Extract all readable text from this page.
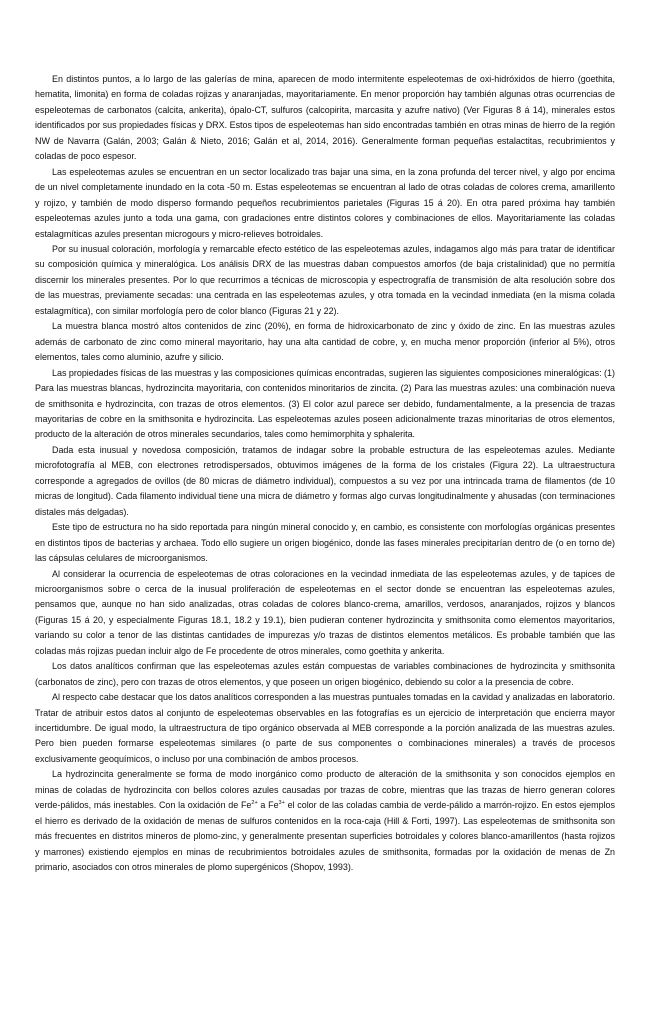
En distintos puntos, a lo largo de las galerías de mina, aparecen de modo intermitente espeleotemas de oxi-hidróxidos de hierro (goethita, hematita, limonita) en forma de coladas rojizas y anaranjadas, mayoritariamente. En menor proporción hay también algunas otras ocurrencias de espeleotemas de carbonatos (calcita, ankerita), ópalo-CT, sulfuros (calcopirita, marcasita y azufre nativo) (Ver Figuras 8 á 14), minerales estos identificados por sus propiedades físicas y DRX. Estos tipos de espeleotemas han sido encontradas también en otras minas de hierro de la región NW de Navarra (Galán, 2003; Galán & Nieto, 2016; Galán et al, 2014, 2016). Generalmente forman pequeñas estalactitas, recubrimientos y coladas de poco espesor.

Las espeleotemas azules se encuentran en un sector localizado tras bajar una sima, en la zona profunda del tercer nivel, y algo por encima de un nivel completamente inundado en la cota -50 m. Estas espeleotemas se encuentran al lado de otras coladas de colores crema, amarillento y rojizo, y también de modo disperso formando pequeños recubrimientos parietales (Figuras 15 á 20). En otra pared próxima hay también espeleotemas azules junto a toda una gama, con gradaciones entre distintos colores y combinaciones de ellos. Mayoritariamente las coladas estalagmíticas azules presentan microgours y micro-relieves botroidales.

Por su inusual coloración, morfología y remarcable efecto estético de las espeleotemas azules, indagamos algo más para tratar de identificar su composición química y mineralógica. Los análisis DRX de las muestras daban compuestos amorfos (de baja cristalinidad) que no permitía discernir los minerales presentes. Por lo que recurrimos a técnicas de microscopia y espectrografía de transmisión de alta resolución sobre dos de las muestras, previamente secadas: una centrada en las espeleotemas azules, y otra tomada en la vecindad inmediata (en la misma colada estalagmítica), con similar morfología pero de color blanco (Figuras 21 y 22).

La muestra blanca mostró altos contenidos de zinc (20%), en forma de hidroxicarbonato de zinc y óxido de zinc. En las muestras azules además de carbonato de zinc como mineral mayoritario, hay una alta cantidad de cobre, y, en mucha menor proporción (inferior al 5%), otros elementos, tales como aluminio, azufre y silicio.

Las propiedades físicas de las muestras y las composiciones químicas encontradas, sugieren las siguientes composiciones mineralógicas: (1) Para las muestras blancas, hydrozincita mayoritaria, con contenidos minoritarios de zincita. (2) Para las muestras azules: una combinación nueva de smithsonita e hydrozincita, con trazas de otros elementos. (3) El color azul parece ser debido, fundamentalmente, a la presencia de trazas mayoritarias de cobre en la smithsonita e hydrozincita. Las espeleotemas azules poseen adicionalmente trazas minoritarias de otros elementos, producto de la alteración de otros minerales secundarios, tales como hemimorphita y sphalerita.

Dada esta inusual y novedosa composición, tratamos de indagar sobre la probable estructura de las espeleotemas azules. Mediante microfotografía al MEB, con electrones retrodispersados, obtuvimos imágenes de la forma de los cristales (Figura 22). La ultraestructura corresponde a agregados de ovillos (de 80 micras de diámetro individual), compuestos a su vez por una intrincada trama de filamentos (de 10 micras de longitud). Cada filamento individual tiene una micra de diámetro y formas algo curvas longitudinalmente y ahusadas (con terminaciones distales más delgadas).

Este tipo de estructura no ha sido reportada para ningún mineral conocido y, en cambio, es consistente con morfologías orgánicas presentes en distintos tipos de bacterias y archaea. Todo ello sugiere un origen biogénico, donde las fases minerales precipitarían dentro de (o en torno de) las cápsulas celulares de microorganismos.

Al considerar la ocurrencia de espeleotemas de otras coloraciones en la vecindad inmediata de las espeleotemas azules, y de tapices de microorganismos sobre o cerca de la inusual proliferación de espeleotemas en el sector donde se encuentran las espeleotemas azules, pensamos que, aunque no han sido analizadas, otras coladas de colores blanco-crema, amarillos, verdosos, anaranjados, rojizos y blancos (Figuras 15 á 20, y especialmente Figuras 18.1, 18.2 y 19.1), bien pudieran contener hydrozincita y smithsonita como elementos mayoritarios, variando su color a tenor de las distintas cantidades de impurezas y/o trazas de distintos elementos metálicos. Es probable también que las coladas más rojizas puedan incluir algo de Fe procedente de otros minerales, como goethita y ankerita.

Los datos analíticos confirman que las espeleotemas azules están compuestas de variables combinaciones de hydrozincita y smithsonita (carbonatos de zinc), pero con trazas de otros elementos, y que poseen un origen biogénico, debiendo su color a la presencia de cobre.

Al respecto cabe destacar que los datos analíticos corresponden a las muestras puntuales tomadas en la cavidad y analizadas en laboratorio. Tratar de atribuir estos datos al conjunto de espeleotemas observables en las fotografías es un ejercicio de interpretación que encierra mayor incertidumbre. De igual modo, la ultraestructura de tipo orgánico observada al MEB corresponde a la porción analizada de las muestras azules. Pero bien pueden formarse espeleotemas similares (o parte de sus componentes o combinaciones minerales) a través de procesos exclusivamente geoquímicos, o incluso por una combinación de ambos procesos.

La hydrozincita generalmente se forma de modo inorgánico como producto de alteración de la smithsonita y son conocidos ejemplos en minas de coladas de hydrozincita con bellos colores azules causadas por trazas de cobre, mientras que las trazas de hierro generan colores verde-pálidos, más inestables. Con la oxidación de $Fe^{2+}$ a $Fe^{3+}$ el color de las coladas cambia de verde-pálido a marrón-rojizo. En estos ejemplos el hierro es derivado de la oxidación de menas de sulfuros contenidos en la roca-caja (Hill & Forti, 1997). Las espeleotemas de smithsonita son más frecuentes en distritos mineros de plomo-zinc, y generalmente presentan superficies botroidales y colores blanco-amarillentos (hasta rojizos y marrones) existiendo ejemplos en minas de recubrimientos botroidales azules de smithsonita, formadas por la oxidación de menas de Zn primario, asociados con otros minerales de plomo supergénicos (Shopov, 1993).
